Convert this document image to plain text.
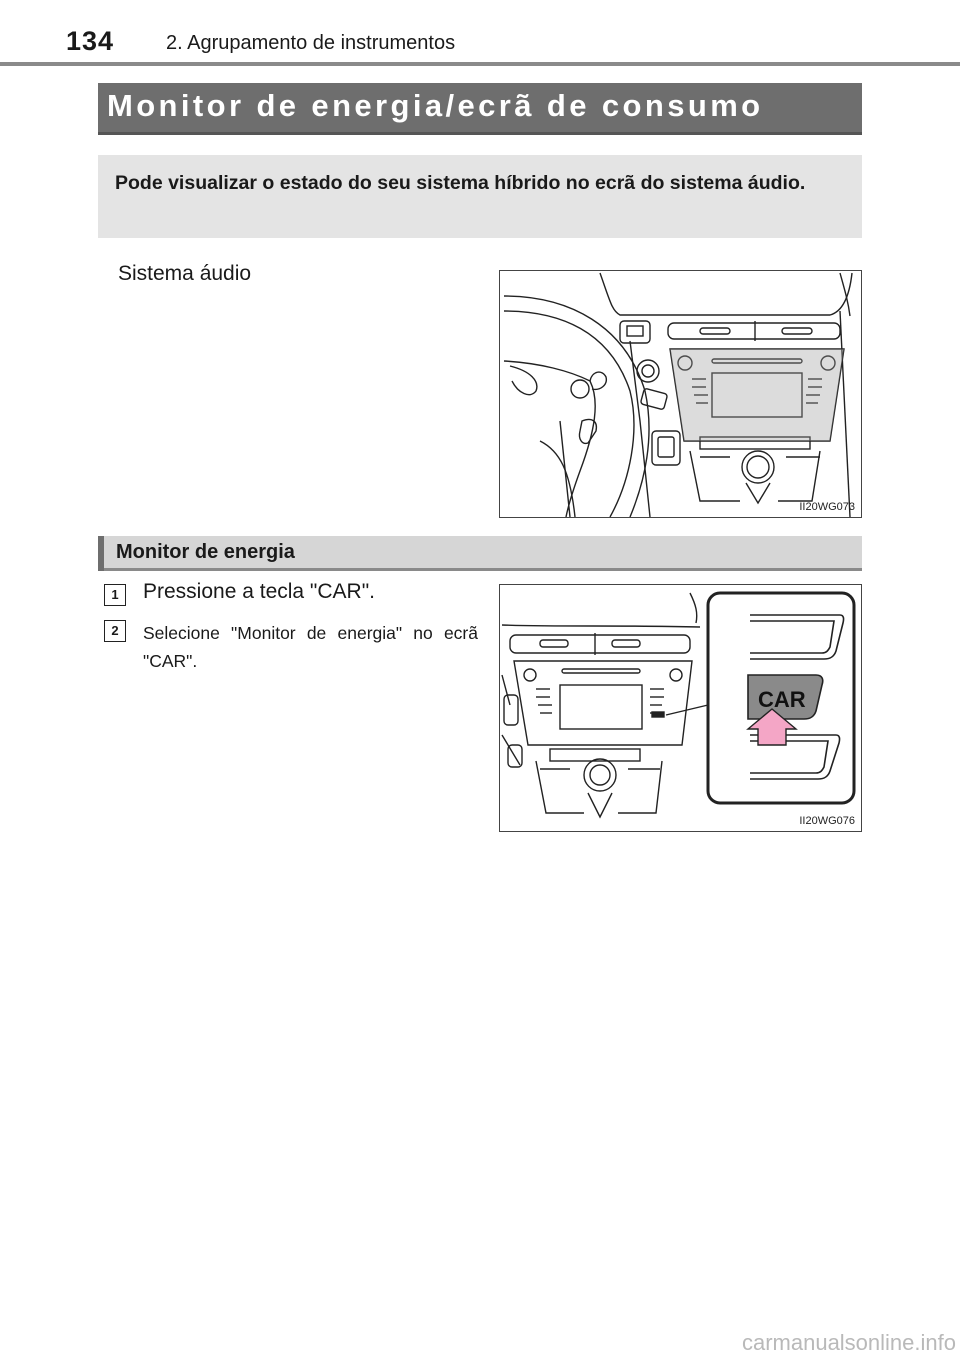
134	2. Agrupamento de instrumentos
Monitor de energia/ecrã de consumo
Pode visualizar o estado do seu sistema híbrido no ecrã do sistema áudio.
Sistema áudio
II20WG073
Monitor de energia
1	Pressione a tecla "CAR".
2	Selecione "Monitor de energia" no ecrã "CAR".
CAR
II20WG076
carmanualsonline.info
